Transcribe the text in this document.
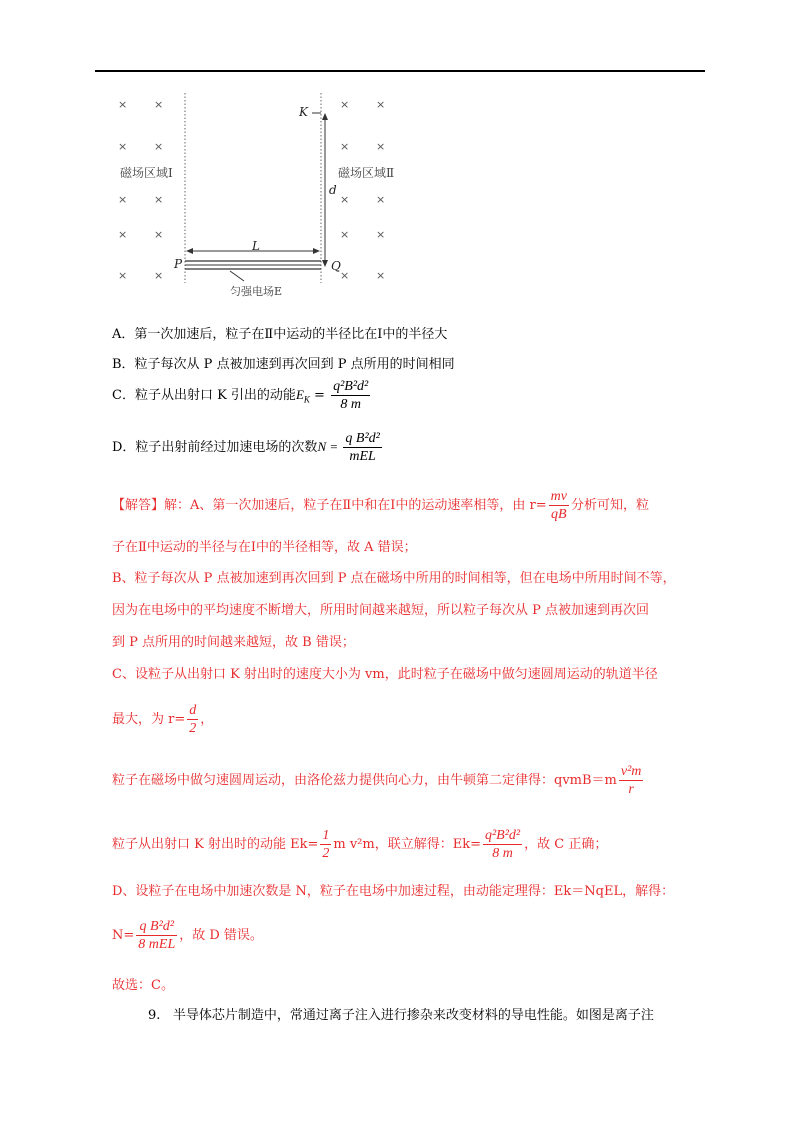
× ×	× ×
× ×	× ×
磁场区域Ⅰ	磁场区域Ⅱ
× ×	× ×
× ×	× ×
× ×	× ×
K
d
L
P	Q
匀强电场E
A．第一次加速后，粒子在Ⅱ中运动的半径比在Ⅰ中的半径大
B．粒子每次从 P 点被加速到再次回到 P 点所用的时间相同
C．粒子从出射口 K 引出的动能$E_K = \frac{\text{q²B²d²}}{8 m}$
D．粒子出射前经过加速电场的次数$N = \frac{\text{q B²d²}}{\text{mEL}}$
【解答】解：A、第一次加速后，粒子在Ⅱ中和在Ⅰ中的运动速率相等，由 $r= \frac{mv}{qB}$ 分析可知，粒
子在Ⅱ中运动的半径与在Ⅰ中的半径相等，故 A 错误；
B、粒子每次从 P 点被加速到再次回到 P 点在磁场中所用的时间相等，但在电场中所用时间不等，
因为在电场中的平均速度不断增大，所用时间越来越短，所以粒子每次从 P 点被加速到再次回
到 P 点所用的时间越来越短，故 B 错误；
C、设粒子从出射口 K 射出时的速度大小为 vm，此时粒子在磁场中做匀速圆周运动的轨道半径
最大，为 $r= \frac{d}{2}$ ，
粒子在磁场中做匀速圆周运动，由洛伦兹力提供向心力，由牛顿第二定律得：qvmB＝m $\frac{\text{v²m}}{r}$
粒子从出射口 K 射出时的动能 $Ek= \frac{1}{2}$ m v²m，联立解得：$Ek= \frac{\text{q²B²d²}}{8 m}$ ，故 C 正确；
D、设粒子在电场中加速次数是 N，粒子在电场中加速过程，由动能定理得：Ek＝NqEL，解得：
$N= \frac{\text{q B²d²}}{\text{8 mEL}}$ ，故 D 错误。
故选：C。
9. 半导体芯片制造中，常通过离子注入进行掺杂来改变材料的导电性能。如图是离子注
